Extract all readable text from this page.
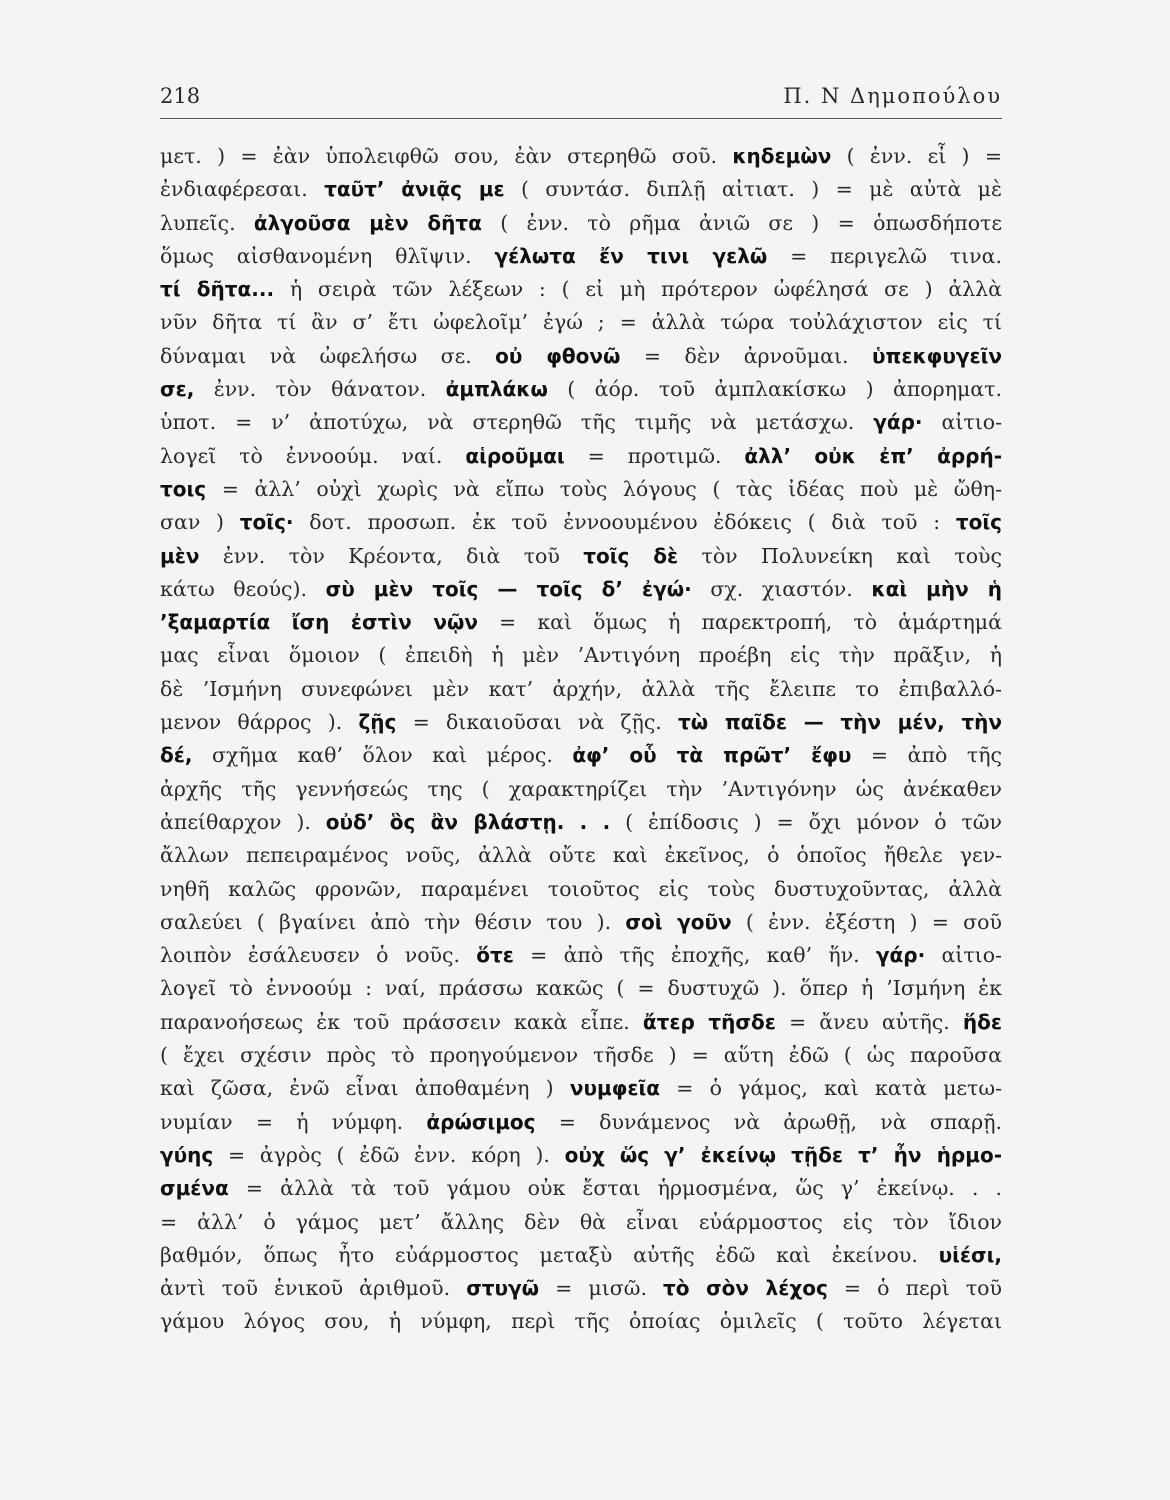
218	Π. Ν Δημοπούλου
μετ. ) = ἐὰν ὑπολειφθῶ σου, ἐὰν στερηθῶ σοῦ. κηδεμὼν ( ἐνν. εἶ ) =
ἐνδιαφέρεσαι. ταῦτ’ ἀνιᾷς με ( συντάσ. διπλῇ αἰτιατ. ) = μὲ αὐτὰ μὲ
λυπεῖς. ἀλγοῦσα μὲν δῆτα ( ἐνν. τὸ ρῆμα ἀνιῶ σε ) = ὁπωσδήποτε
ὅμως αἰσθανομένη θλῖψιν. γέλωτα ἔν τινι γελῶ = περιγελῶ τινα.
τί δῆτα... ἡ σειρὰ τῶν λέξεων : ( εἰ μὴ πρότερον ὠφέλησά σε ) ἀλλὰ
νῦν δῆτα τί ἂν σ’ ἔτι ὠφελοῖμ’ ἐγώ ; = ἀλλὰ τώρα τοὐλάχιστον εἰς τί
δύναμαι νὰ ὠφελήσω σε. οὐ φθονῶ = δὲν ἀρνοῦμαι. ὑπεκφυγεῖν
σε, ἐνν. τὸν θάνατον. ἀμπλάκω ( ἀόρ. τοῦ ἀμπλακίσκω ) ἀπορηματ.
ὑποτ. = ν’ ἀποτύχω, νὰ στερηθῶ τῆς τιμῆς νὰ μετάσχω. γάρ· αἰτιο-
λογεῖ τὸ ἐννοούμ. ναί. αἱροῦμαι = προτιμῶ. ἀλλ’ οὐκ ἐπ’ ἀρρή-
τοις = ἀλλ’ οὐχὶ χωρὶς νὰ εἴπω τοὺς λόγους ( τὰς ἰδέας ποὺ μὲ ὤθη-
σαν ) τοῖς· δοτ. προσωπ. ἐκ τοῦ ἐννοουμένου ἐδόκεις ( διὰ τοῦ : τοῖς
μὲν ἐνν. τὸν Κρέοντα, διὰ τοῦ τοῖς δὲ τὸν Πολυνείκη καὶ τοὺς
κάτω θεούς). σὺ μὲν τοῖς — τοῖς δ’ ἐγώ· σχ. χιαστόν. καὶ μὴν ἡ
’ξαμαρτία ἴση ἐστὶν νῷν = καὶ ὅμως ἡ παρεκτροπή, τὸ ἁμάρτημά
μας εἶναι ὅμοιον ( ἐπειδὴ ἡ μὲν ’Αντιγόνη προέβη εἰς τὴν πρᾶξιν, ἡ
δὲ ’Ισμήνη συνεφώνει μὲν κατ’ ἀρχήν, ἀλλὰ τῆς ἔλειπε το ἐπιβαλλό-
μενον θάρρος ). ζῇς = δικαιοῦσαι νὰ ζῇς. τὼ παῖδε — τὴν μέν, τὴν
δέ, σχῆμα καθ’ ὅλον καὶ μέρος. ἀφ’ οὗ τὰ πρῶτ’ ἔφυ = ἀπὸ τῆς
ἀρχῆς τῆς γεννήσεώς της ( χαρακτηρίζει τὴν ’Αντιγόνην ὡς ἀνέκαθεν
ἀπείθαρχον ). οὐδ’ ὃς ἂν βλάστῃ. . . ( ἐπίδοσις ) = ὄχι μόνον ὁ τῶν
ἄλλων πεπειραμένος νοῦς, ἀλλὰ οὔτε καὶ ἐκεῖνος, ὁ ὁποῖος ἤθελε γεν-
νηθῆ καλῶς φρονῶν, παραμένει τοιοῦτος εἰς τοὺς δυστυχοῦντας, ἀλλὰ
σαλεύει ( βγαίνει ἀπὸ τὴν θέσιν του ). σοὶ γοῦν ( ἐνν. ἐξέστη ) = σοῦ
λοιπὸν ἐσάλευσεν ὁ νοῦς. ὅτε = ἀπὸ τῆς ἐποχῆς, καθ’ ἥν. γάρ· αἰτιο-
λογεῖ τὸ ἐννοούμ : ναί, πράσσω κακῶς ( = δυστυχῶ ). ὅπερ ἡ ’Ισμήνη ἐκ
παρανοήσεως ἐκ τοῦ πράσσειν κακὰ εἶπε. ἄτερ τῆσδε = ἄνευ αὐτῆς. ἥδε
( ἔχει σχέσιν πρὸς τὸ προηγούμενον τῆσδε ) = αὕτη ἐδῶ ( ὡς παροῦσα
καὶ ζῶσα, ἐνῶ εἶναι ἀποθαμένη ) νυμφεῖα = ὁ γάμος, καὶ κατὰ μετω-
νυμίαν = ἡ νύμφη. ἀρώσιμος = δυνάμενος νὰ ἀρωθῇ, νὰ σπαρῇ.
γύης = ἀγρὸς ( ἐδῶ ἐνν. κόρη ). οὐχ ὥς γ’ ἐκείνῳ τῇδε τ’ ἦν ἡρμο-
σμένα = ἀλλὰ τὰ τοῦ γάμου οὐκ ἔσται ἡρμοσμένα, ὥς γ’ ἐκείνῳ. . .
= ἀλλ’ ὁ γάμος μετ’ ἄλλης δὲν θὰ εἶναι εὐάρμοστος εἰς τὸν ἴδιον
βαθμόν, ὅπως ἦτο εὐάρμοστος μεταξὺ αὐτῆς ἐδῶ καὶ ἐκείνου. υἱέσι,
ἀντὶ τοῦ ἑνικοῦ ἀριθμοῦ. στυγῶ = μισῶ. τὸ σὸν λέχος = ὁ περὶ τοῦ
γάμου λόγος σου, ἡ νύμφη, περὶ τῆς ὁποίας ὁμιλεῖς ( τοῦτο λέγεται
